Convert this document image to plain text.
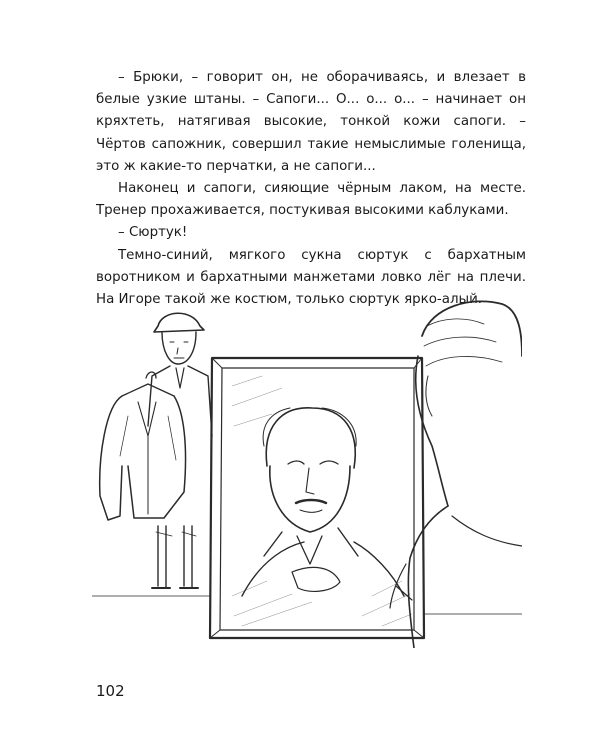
– Брюки, – говорит он, не оборачиваясь, и влезает в белые узкие штаны. – Сапоги... О... о... о... – начинает он кряхтеть, натягивая высокие, тонкой кожи сапоги. – Чёртов сапожник, совершил такие немыслимые голенища, это ж какие-то перчатки, а не сапоги...

Наконец и сапоги, сияющие чёрным лаком, на месте. Тренер прохаживается, постукивая высокими каблуками.

– Сюртук!

Темно-синий, мягкого сукна сюртук с бархатным воротником и бархатными манжетами ловко лёг на плечи. На Игоре такой же костюм, только сюртук ярко-алый.

102
